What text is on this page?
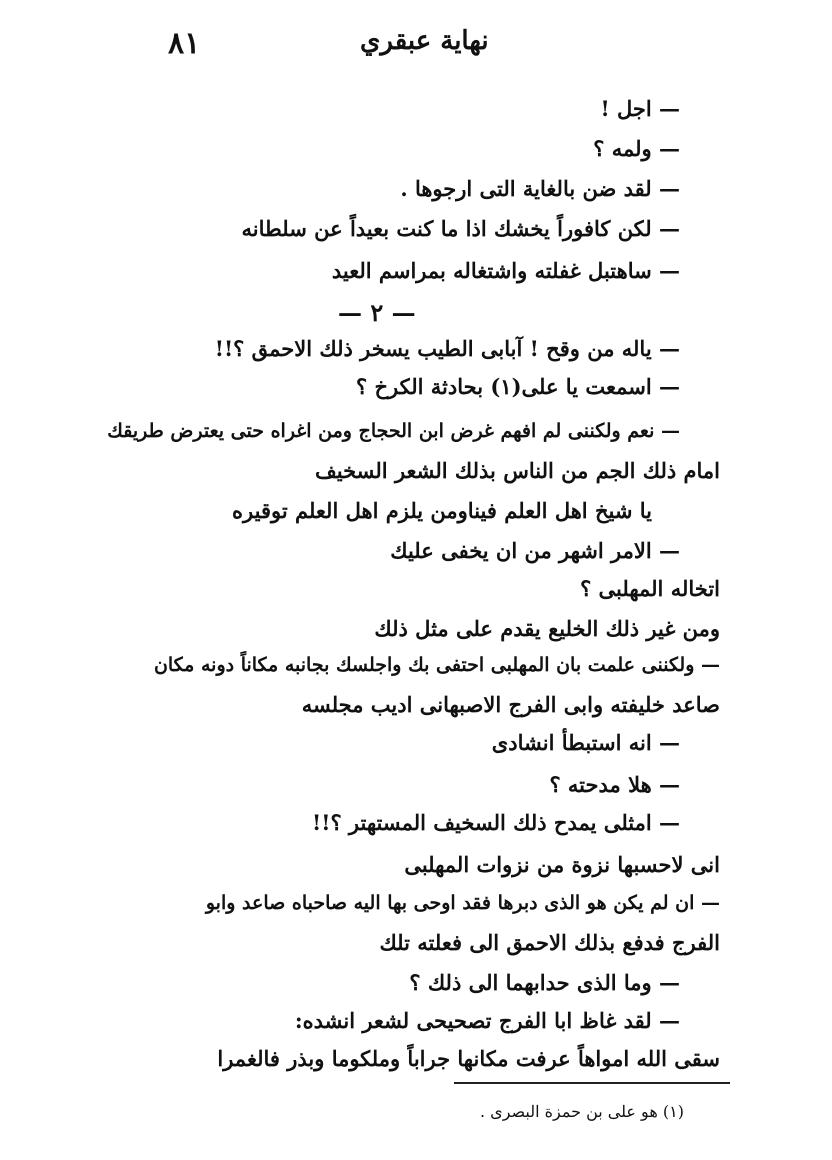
٨١	نهاية عبقري
— اجل !
— ولمه ؟
— لقد ضن بالغاية التى ارجوها .
— لكن كافوراً يخشك اذا ما كنت بعيداً عن سلطانه
— ساهتبل غفلته واشتغاله بمراسم العيد
— ٢ —
— ياله من وقح ! آبابى الطيب يسخر ذلك الاحمق ؟!!
— اسمعت يا على(١) بحادثة الكرخ ؟
— نعم ولكننى لم افهم غرض ابن الحجاج ومن اغراه حتى يعترض طريقك
امام ذلك الجم من الناس بذلك الشعر السخيف
يا شيخ اهل العلم فيناومن يلزم اهل العلم توقيره
— الامر اشهر من ان يخفى عليك
اتخاله المهلبى ؟
ومن غير ذلك الخليع يقدم على مثل ذلك
— ولكننى علمت بان المهلبى احتفى بك واجلسك بجانبه مكاناً دونه مكان
صاعد خليفته وابى الفرج الاصبهانى اديب مجلسه
— انه استبطأ انشادى
— هلا مدحته ؟
— امثلى يمدح ذلك السخيف المستهتر ؟!!
انى لاحسبها نزوة من نزوات المهلبى
— ان لم يكن هو الذى دبرها فقد اوحى بها اليه صاحباه صاعد وابو
الفرج فدفع بذلك الاحمق الى فعلته تلك
— وما الذى حدابهما الى ذلك ؟
— لقد غاظ ابا الفرج تصحيحى لشعر انشده:
سقى الله امواهاً عرفت مكانها جراباً وملكوما وبذر فالغمرا
(١) هو على بن حمزة البصرى .
